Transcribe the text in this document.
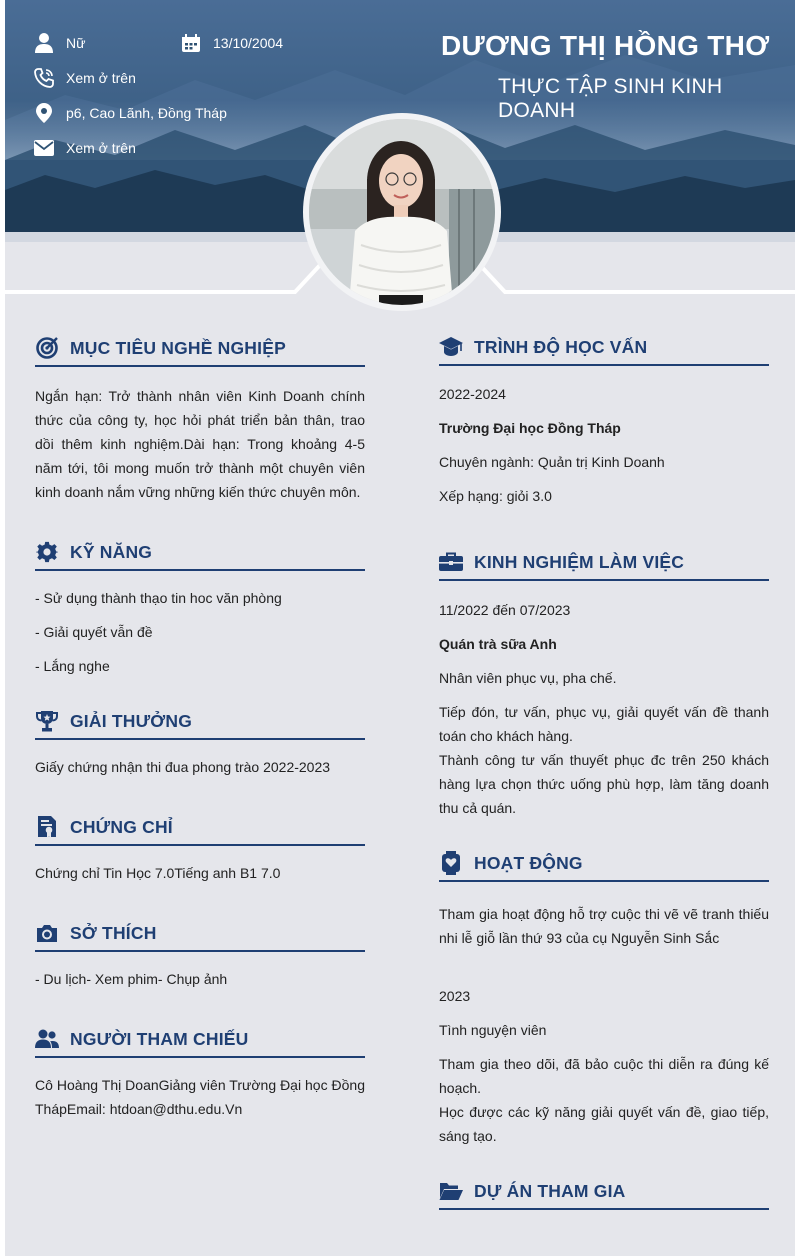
Nữ	13/10/2004
Xem ở trên
p6, Cao Lãnh, Đồng Tháp
Xem ở trên
DƯƠNG THỊ HỒNG THƠ
THỰC TẬP SINH KINH DOANH
MỤC TIÊU NGHỀ NGHIỆP
Ngắn hạn: Trở thành nhân viên Kinh Doanh chính thức của công ty, học hỏi phát triển bản thân, trao dồi thêm kinh nghiệm.Dài hạn: Trong khoảng 4-5 năm tới, tôi mong muốn trở thành một chuyên viên kinh doanh nắm vững những kiến thức chuyên môn.
KỸ NĂNG
- Sử dụng thành thạo tin hoc văn phòng
- Giải quyết vẫn đề
- Lắng nghe
GIẢI THƯỞNG
Giấy chứng nhận thi đua phong trào 2022-2023
CHỨNG CHỈ
Chứng chỉ Tin Học 7.0Tiếng anh B1 7.0
SỞ THÍCH
- Du lịch- Xem phim- Chụp ảnh
NGƯỜI THAM CHIẾU
Cô Hoàng Thị DoanGiảng viên Trường Đại học Đồng ThápEmail: htdoan@dthu.edu.Vn
TRÌNH ĐỘ HỌC VẤN
2022-2024
Trường Đại học Đồng Tháp
Chuyên ngành: Quản trị Kinh Doanh
Xếp hạng: giỏi 3.0
KINH NGHIỆM LÀM VIỆC
11/2022 đến 07/2023
Quán trà sữa Anh
Nhân viên phục vụ, pha chế.
Tiếp đón, tư vấn, phục vụ, giải quyết vấn đề thanh toán cho khách hàng.
Thành công tư vấn thuyết phục đc trên 250 khách hàng lựa chọn thức uống phù hợp, làm tăng doanh thu cả quán.
HOẠT ĐỘNG
Tham gia hoạt động hỗ trợ cuộc thi vẽ vẽ tranh thiếu nhi lễ giỗ lần thứ 93 của cụ Nguyễn Sinh Sắc
2023
Tình nguyện viên
Tham gia theo dõi, đã bảo cuộc thi diễn ra đúng kế hoạch.
Học được các kỹ năng giải quyết vấn đề, giao tiếp, sáng tạo.
DỰ ÁN THAM GIA
